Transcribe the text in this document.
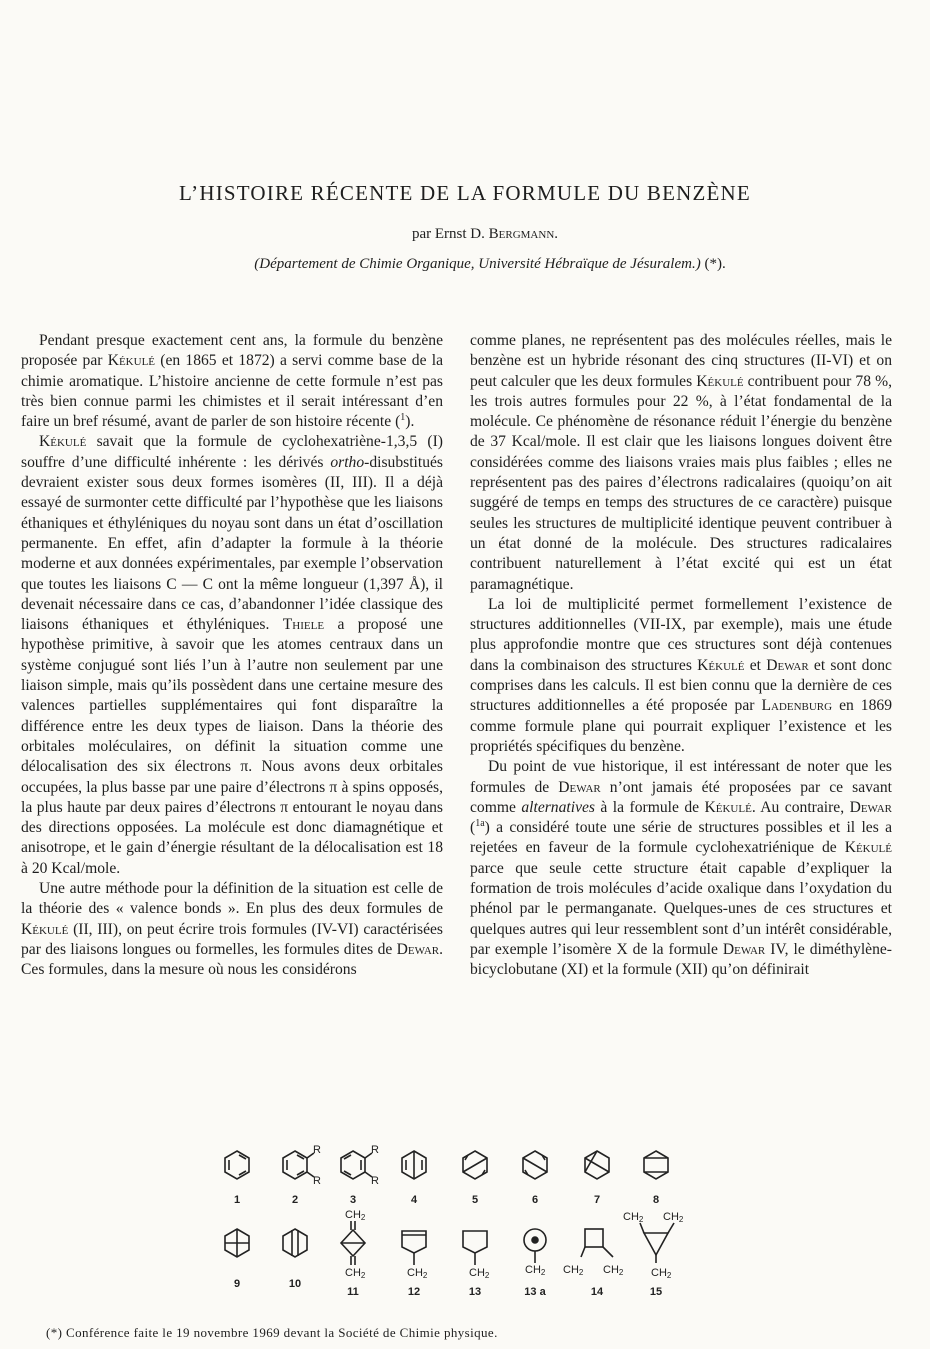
L’HISTOIRE RÉCENTE DE LA FORMULE DU BENZÈNE
par Ernst D. Bergmann.
(Département de Chimie Organique, Université Hébraïque de Jésuralem.) (*).

Pendant presque exactement cent ans, la formule du benzène proposée par Kékulé (en 1865 et 1872) a servi comme base de la chimie aromatique. L’histoire ancienne de cette formule n’est pas très bien connue parmi les chimistes et il serait intéressant d’en faire un bref résumé, avant de parler de son histoire récente ($^1$).

Kékulé savait que la formule de cyclohexatriène-1,3,5 (I) souffre d’une difficulté inhérente : les dérivés ortho-disubstitués devraient exister sous deux formes isomères (II, III). Il a déjà essayé de surmonter cette difficulté par l’hypothèse que les liaisons éthaniques et éthyléniques du noyau sont dans un état d’oscillation permanente. En effet, afin d’adapter la formule à la théorie moderne et aux données expérimentales, par exemple l’observation que toutes les liaisons C — C ont la même longueur (1,397 Å), il devenait nécessaire dans ce cas, d’abandonner l’idée classique des liaisons éthaniques et éthyléniques. Thiele a proposé une hypothèse primitive, à savoir que les atomes centraux dans un système conjugué sont liés l’un à l’autre non seulement par une liaison simple, mais qu’ils possèdent dans une certaine mesure des valences partielles supplémentaires qui font disparaître la différence entre les deux types de liaison. Dans la théorie des orbitales moléculaires, on définit la situation comme une délocalisation des six électrons π. Nous avons deux orbitales occupées, la plus basse par une paire d’électrons π à spins opposés, la plus haute par deux paires d’électrons π entourant le noyau dans des directions opposées. La molécule est donc diamagnétique et anisotrope, et le gain d’énergie résultant de la délocalisation est 18 à 20 Kcal/mole.

Une autre méthode pour la définition de la situation est celle de la théorie des « valence bonds ». En plus des deux formules de Kékulé (II, III), on peut écrire trois formules (IV-VI) caractérisées par des liaisons longues ou formelles, les formules dites de Dewar. Ces formules, dans la mesure où nous les considérons

comme planes, ne représentent pas des molécules réelles, mais le benzène est un hybride résonant des cinq structures (II-VI) et on peut calculer que les deux formules Kékulé contribuent pour 78 %, les trois autres formules pour 22 %, à l’état fondamental de la molécule. Ce phénomène de résonance réduit l’énergie du benzène de 37 Kcal/mole. Il est clair que les liaisons longues doivent être considérées comme des liaisons vraies mais plus faibles ; elles ne représentent pas des paires d’électrons radicalaires (quoiqu’on ait suggéré de temps en temps des structures de ce caractère) puisque seules les structures de multiplicité identique peuvent contribuer à un état donné de la molécule. Des structures radicalaires contribuent naturellement à l’état excité qui est un état paramagnétique.

La loi de multiplicité permet formellement l’existence de structures additionnelles (VII-IX, par exemple), mais une étude plus approfondie montre que ces structures sont déjà contenues dans la combinaison des structures Kékulé et Dewar et sont donc comprises dans les calculs. Il est bien connu que la dernière de ces structures additionnelles a été proposée par Ladenburg en 1869 comme formule plane qui pourrait expliquer l’existence et les propriétés spécifiques du benzène.

Du point de vue historique, il est intéressant de noter que les formules de Dewar n’ont jamais été proposées par ce savant comme alternatives à la formule de Kékulé. Au contraire, Dewar ($^{1a}$) a considéré toute une série de structures possibles et il les a rejetées en faveur de la formule cyclohexatriénique de Kékulé parce que seule cette structure était capable d’expliquer la formation de trois molécules d’acide oxalique dans l’oxydation du phénol par le permanganate. Quelques-unes de ces structures et quelques autres qui leur ressemblent sont d’un intérêt considérable, par exemple l’isomère X de la formule Dewar IV, le diméthylène-bicyclobutane (XI) et la formule (XII) qu’on définirait

R
R
R
R
CH2
CH2	CH2	CH2	CH2 CH2 CH2
CH2 CH2
CH2
1	2	3	4	5	6	7	8
9	10
11	12	13	13 a	14	15
(*) Conférence faite le 19 novembre 1969 devant la Société de Chimie physique.
